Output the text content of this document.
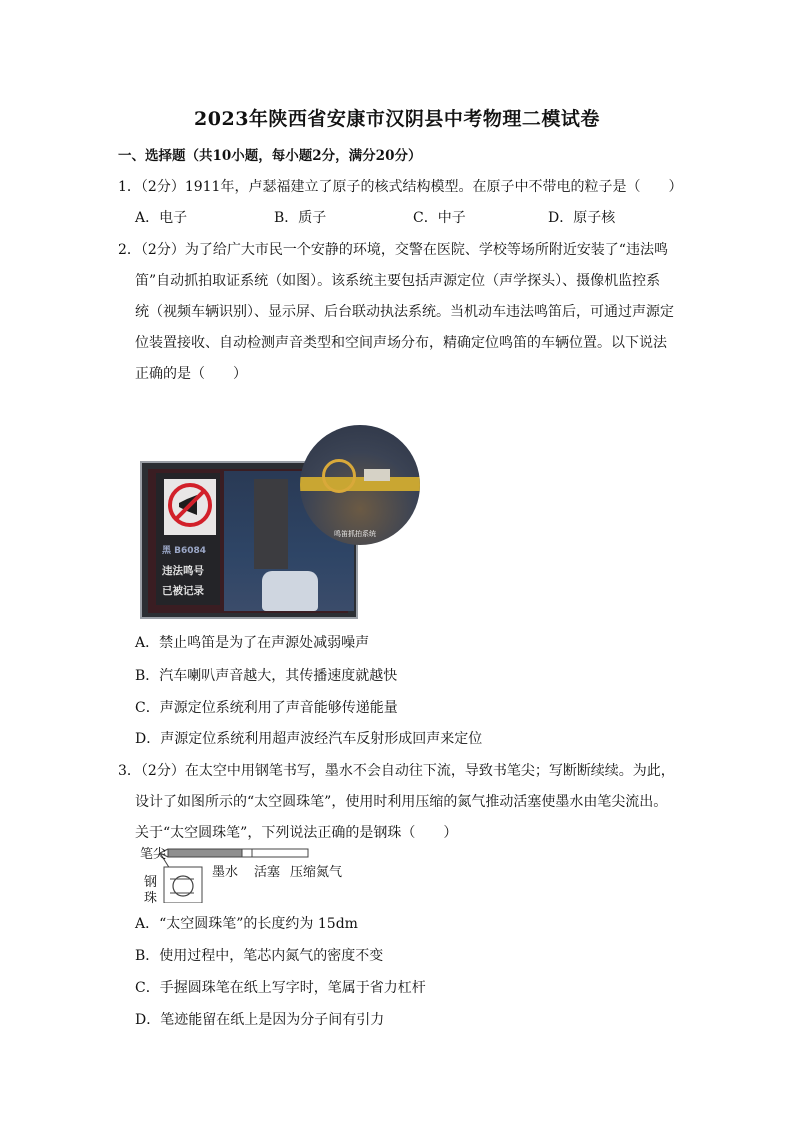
2023年陕西省安康市汉阴县中考物理二模试卷
一、选择题（共10小题，每小题2分，满分20分）
1．（2分）1911年，卢瑟福建立了原子的核式结构模型。在原子中不带电的粒子是（　　）
A．电子	B．质子	C．中子	D．原子核
2．（2分）为了给广大市民一个安静的环境，交警在医院、学校等场所附近安装了“违法鸣
笛”自动抓拍取证系统（如图）。该系统主要包括声源定位（声学探头）、摄像机监控系
统（视频车辆识别）、显示屏、后台联动执法系统。当机动车违法鸣笛后，可通过声源定
位装置接收、自动检测声音类型和空间声场分布，精确定位鸣笛的车辆位置。以下说法
正确的是（　　）
黑 B6084
违法鸣号
已被记录
鸣笛抓拍系统
A．禁止鸣笛是为了在声源处减弱噪声
B．汽车喇叭声音越大，其传播速度就越快
C．声源定位系统利用了声音能够传递能量
D．声源定位系统利用超声波经汽车反射形成回声来定位
3．（2分）在太空中用钢笔书写，墨水不会自动往下流，导致书笔尖；写断断续续。为此，
设计了如图所示的“太空圆珠笔”，使用时利用压缩的氮气推动活塞使墨水由笔尖流出。
关于“太空圆珠笔”，下列说法正确的是钢珠（　　）
笔尖
墨水 活塞 压缩氮气
钢
珠
A．“太空圆珠笔”的长度约为 15dm
B．使用过程中，笔芯内氮气的密度不变
C．手握圆珠笔在纸上写字时，笔属于省力杠杆
D．笔迹能留在纸上是因为分子间有引力
